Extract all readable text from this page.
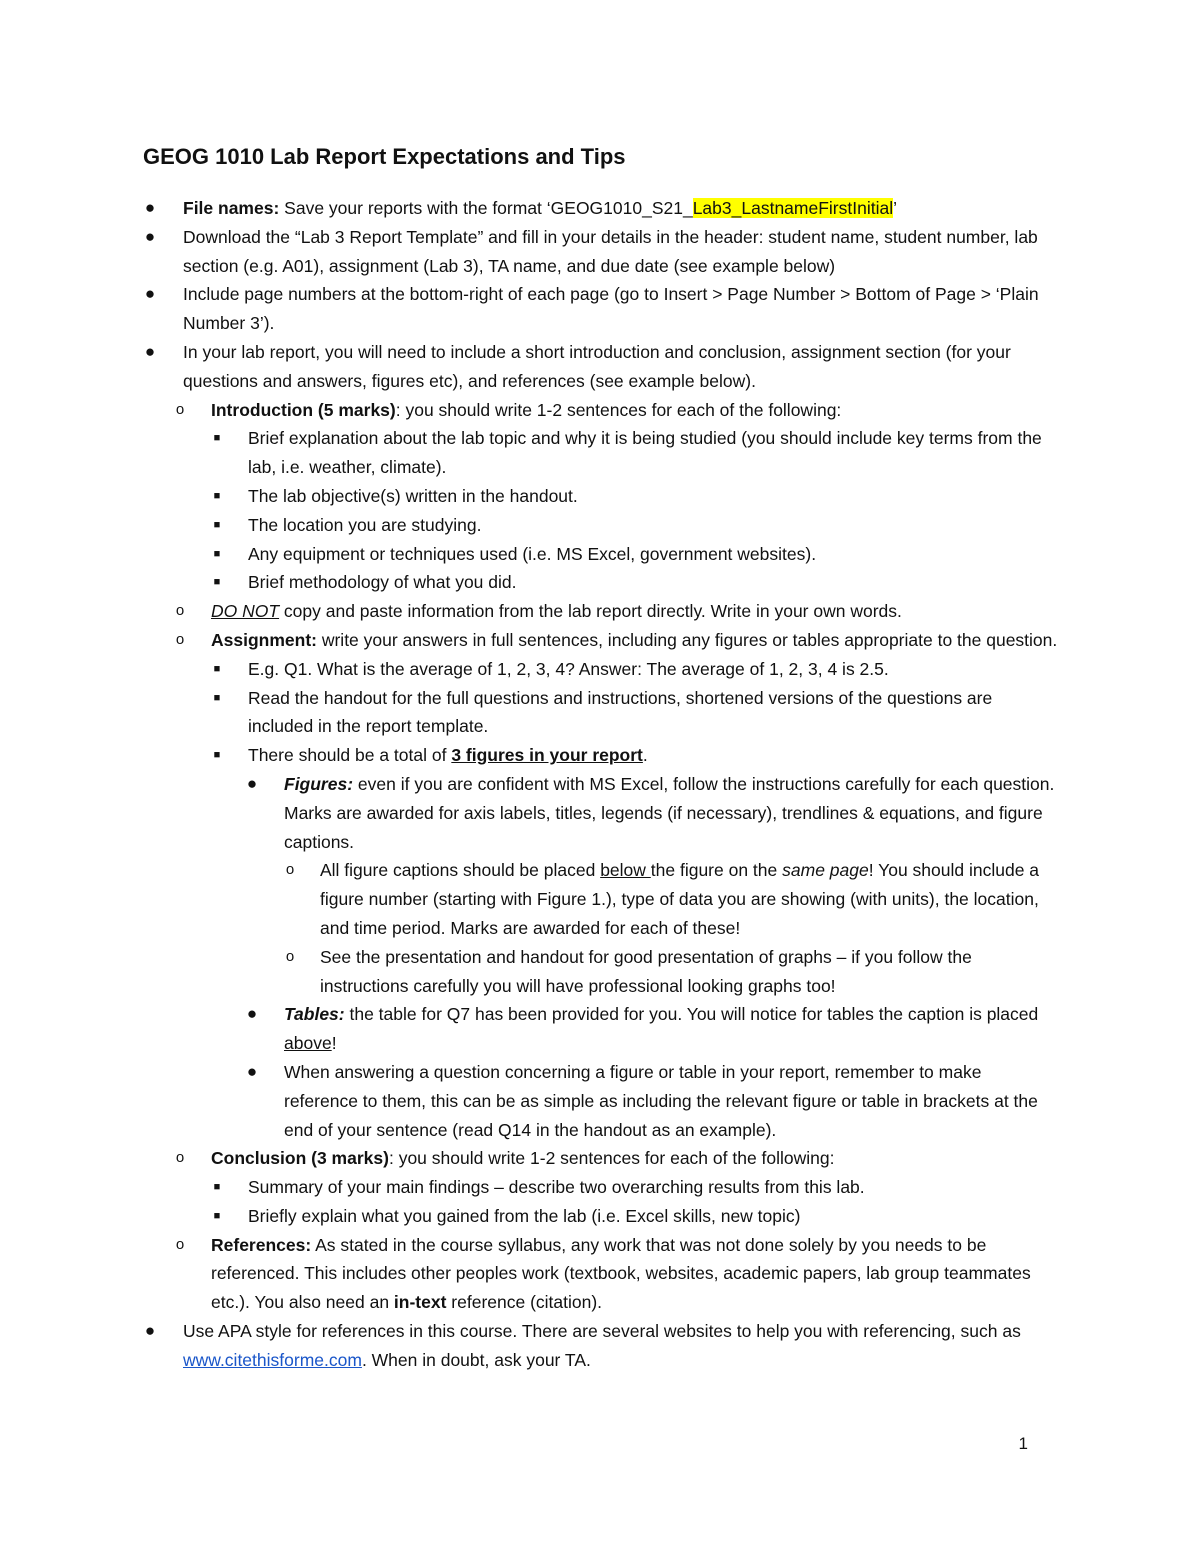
GEOG 1010 Lab Report Expectations and Tips
● File names: Save your reports with the format ‘GEOG1010_S21_Lab3_LastnameFirstInitial’
● Download the “Lab 3 Report Template” and fill in your details in the header: student name, student number, lab section (e.g. A01), assignment (Lab 3), TA name, and due date (see example below)
● Include page numbers at the bottom-right of each page (go to Insert > Page Number > Bottom of Page > ‘Plain Number 3’).
● In your lab report, you will need to include a short introduction and conclusion, assignment section (for your questions and answers, figures etc), and references (see example below).
o	Introduction (5 marks): you should write 1-2 sentences for each of the following:
■	Brief explanation about the lab topic and why it is being studied (you should include key terms from the lab, i.e. weather, climate).
■	The lab objective(s) written in the handout.
■	The location you are studying.
■	Any equipment or techniques used (i.e. MS Excel, government websites).
■	Brief methodology of what you did.
o	DO NOT copy and paste information from the lab report directly. Write in your own words.
o	Assignment: write your answers in full sentences, including any figures or tables appropriate to the question.
■	E.g. Q1. What is the average of 1, 2, 3, 4? Answer: The average of 1, 2, 3, 4 is 2.5.
■	Read the handout for the full questions and instructions, shortened versions of the questions are included in the report template.
■	There should be a total of 3 figures in your report.
● Figures: even if you are confident with MS Excel, follow the instructions carefully for each question. Marks are awarded for axis labels, titles, legends (if necessary), trendlines & equations, and figure captions.
o	All figure captions should be placed below the figure on the same page! You should include a figure number (starting with Figure 1.), type of data you are showing (with units), the location, and time period. Marks are awarded for each of these!
o	See the presentation and handout for good presentation of graphs – if you follow the instructions carefully you will have professional looking graphs too!
● Tables: the table for Q7 has been provided for you. You will notice for tables the caption is placed above!
● When answering a question concerning a figure or table in your report, remember to make reference to them, this can be as simple as including the relevant figure or table in brackets at the end of your sentence (read Q14 in the handout as an example).
o	Conclusion (3 marks): you should write 1-2 sentences for each of the following:
■	Summary of your main findings – describe two overarching results from this lab.
■	Briefly explain what you gained from the lab (i.e. Excel skills, new topic)
o	References: As stated in the course syllabus, any work that was not done solely by you needs to be referenced. This includes other peoples work (textbook, websites, academic papers, lab group teammates etc.). You also need an in-text reference (citation).
● Use APA style for references in this course. There are several websites to help you with referencing, such as www.citethisforme.com. When in doubt, ask your TA.
1
